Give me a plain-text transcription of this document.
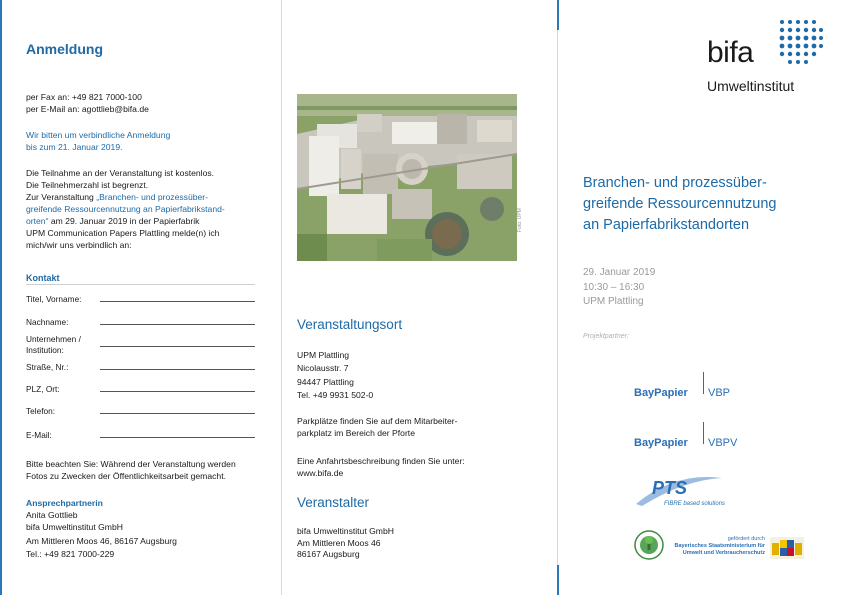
Anmeldung
per Fax an: +49 821 7000-100
per E-Mail an: agottlieb@bifa.de
Wir bitten um verbindliche Anmeldung
bis zum 21. Januar 2019.
Die Teilnahme an der Veranstaltung ist kostenlos.
Die Teilnehmerzahl ist begrenzt.
Zur Veranstaltung „Branchen- und prozessüber-
greifende Ressourcennutzung an Papierfabrikstand-
orten“ am 29. Januar 2019 in der Papierfabrik
UPM Communication Papers Plattling melde(n) ich
mich/wir uns verbindlich an:
Kontakt
Titel, Vorname:
Nachname:
Unternehmen /
Institution:
Straße, Nr.:
PLZ, Ort:
Telefon:
E-Mail:
Bitte beachten Sie: Während der Veranstaltung werden
Fotos zu Zwecken der Öffentlichkeitsarbeit gemacht.
Ansprechpartnerin
Anita Gottlieb
bifa Umweltinstitut GmbH
Am Mittleren Moos 46, 86167 Augsburg
Tel.: +49 821 7000-229
Foto: UPM
Veranstaltungsort
UPM Plattling
Nicolausstr. 7
94447 Plattling
Tel. +49 9931 502-0
Parkplätze finden Sie auf dem Mitarbeiter-
parkplatz im Bereich der Pforte
Eine Anfahrtsbeschreibung finden Sie unter:
www.bifa.de
Veranstalter
bifa Umweltinstitut GmbH
Am Mittleren Moos 46
86167 Augsburg
bifa
Umweltinstitut
Branchen- und prozessüber-
greifende Ressourcennutzung
an Papierfabrikstandorten
29. Januar 2019
10:30 – 16:30
UPM Plattling
Projektpartner:
BayPapier VBP
BayPapier VBPV
PTS
FIBRE based solutions
gefördert durch
Bayerisches Staatsministerium für
Umwelt und Verbraucherschutz
